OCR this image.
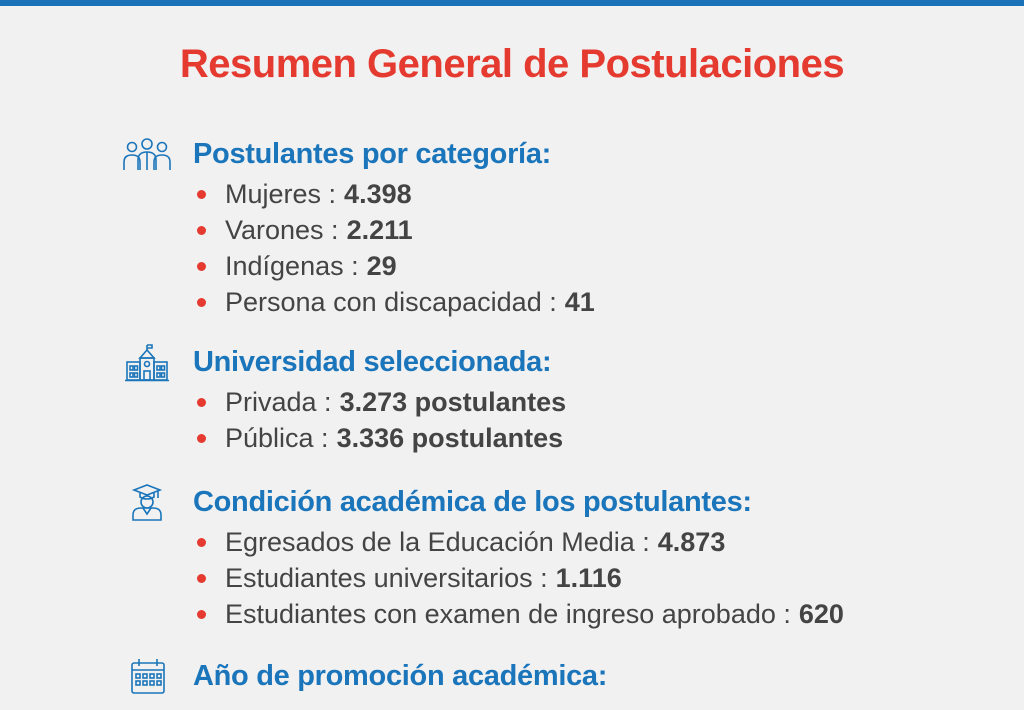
Resumen General de Postulaciones
Postulantes por categoría:
Mujeres : 4.398
Varones : 2.211
Indígenas : 29
Persona con discapacidad : 41
Universidad seleccionada:
Privada : 3.273 postulantes
Pública : 3.336 postulantes
Condición académica de los postulantes:
Egresados de la Educación Media : 4.873
Estudiantes universitarios : 1.116
Estudiantes con examen de ingreso aprobado : 620
Año de promoción académica:
